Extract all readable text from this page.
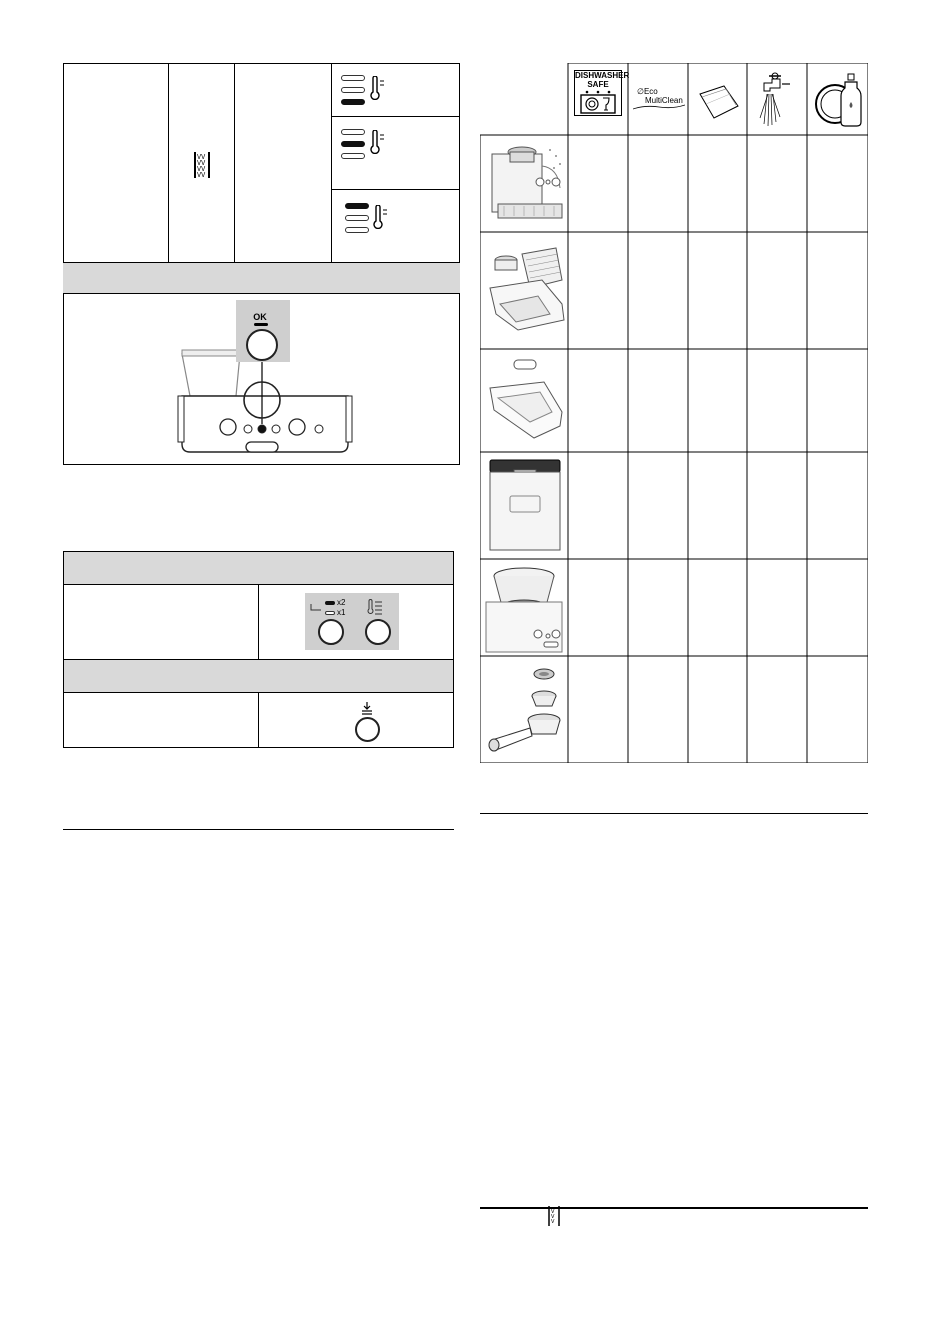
ᐯᐯ
ᐯᐯ
ᐯᐯ
ᐯᐯ
OK
x2
x1
ᐯ
ᐯ
ᐯ
DISHWASHER
SAFE
∅Eco
MultiClean
